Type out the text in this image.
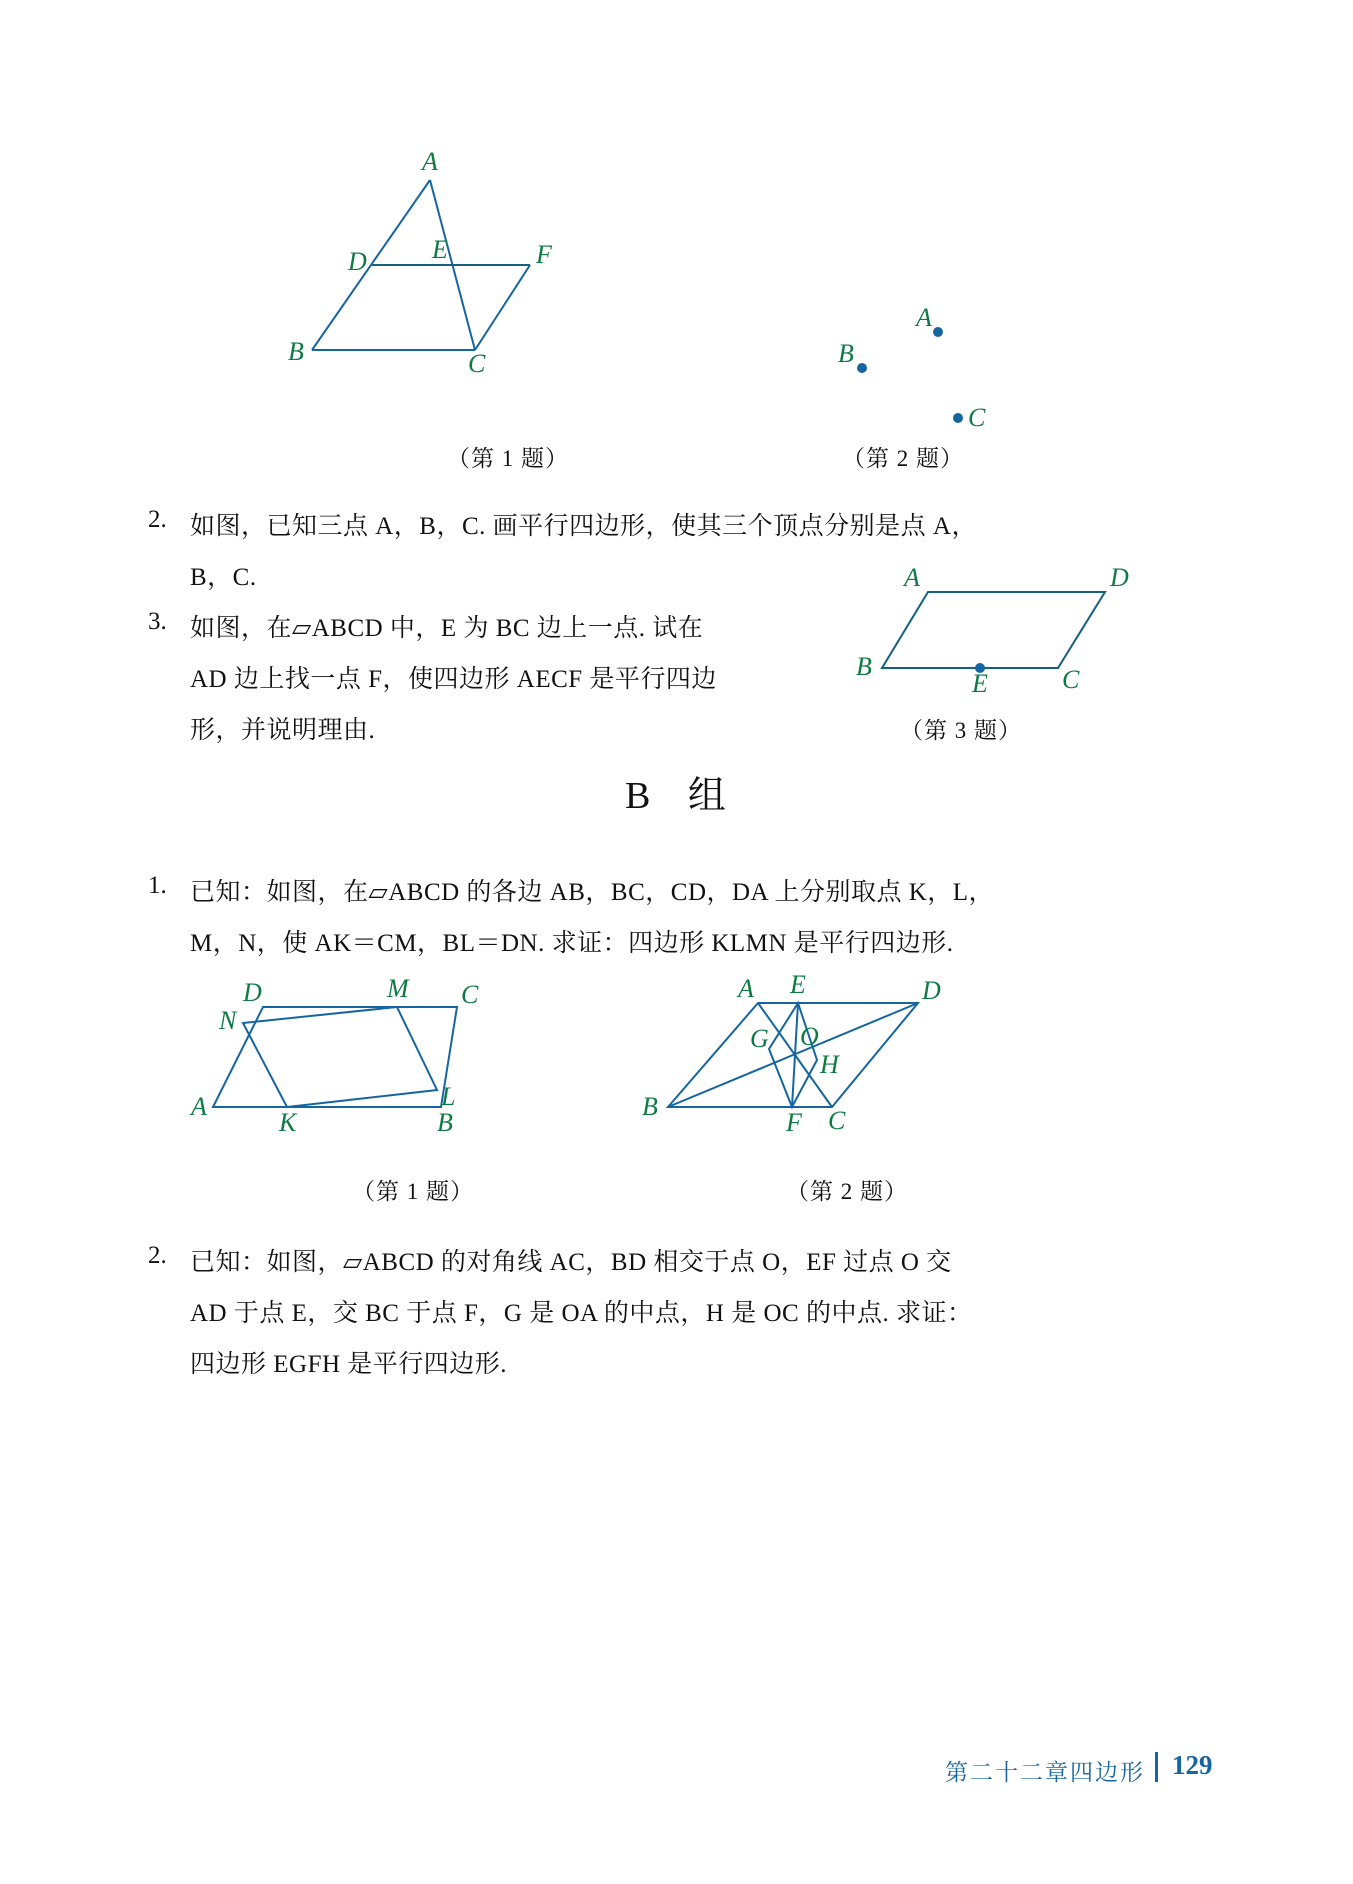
D	E	F
A
B	C
（第 1 题）
A
B
C
（第 2 题）
2. 如图，已知三点 A，B，C. 画平行四边形，使其三个顶点分别是点 A，
B，C.
3. 如图，在▱ABCD 中，E 为 BC 边上一点. 试在
AD 边上找一点 F，使四边形 AECF 是平行四边
形，并说明理由.
A	D
B
E	C
（第 3 题）
B 组
1. 已知：如图，在▱ABCD 的各边 AB，BC，CD，DA 上分别取点 K，L，
M，N，使 AK＝CM，BL＝DN. 求证：四边形 KLMN 是平行四边形.
D	M C
N
L
A
K	B
（第 1 题）
A E	D
G O
H
B
F C
（第 2 题）
2. 已知：如图，▱ABCD 的对角线 AC，BD 相交于点 O，EF 过点 O 交
AD 于点 E，交 BC 于点 F，G 是 OA 的中点，H 是 OC 的中点. 求证：
四边形 EGFH 是平行四边形.
第二十二章 四边形 129
